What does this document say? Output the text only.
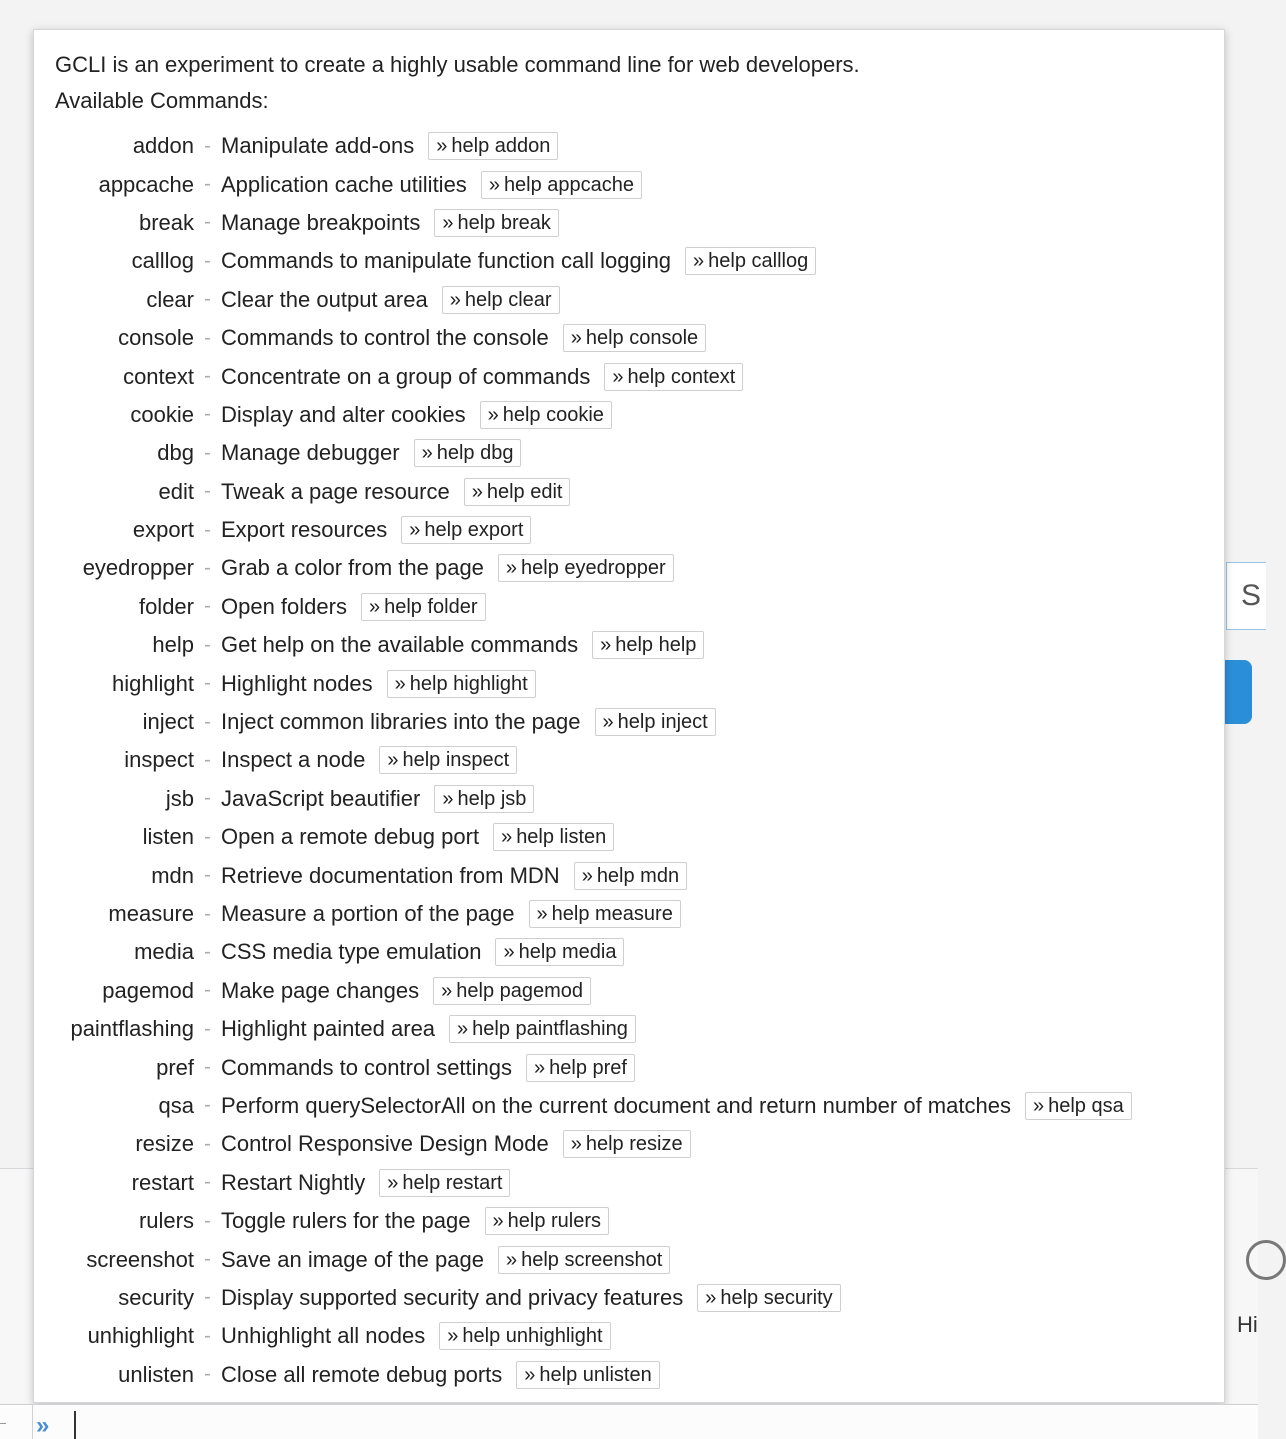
S
Hi
GCLI is an experiment to create a highly usable command line for web developers.
Available Commands:
addon - Manipulate add-ons	» help addon
appcache - Application cache utilities	» help appcache
break - Manage breakpoints	» help break
calllog - Commands to manipulate function call logging	» help calllog
clear - Clear the output area	» help clear
console - Commands to control the console	» help console
context - Concentrate on a group of commands	» help context
cookie - Display and alter cookies	» help cookie
dbg - Manage debugger	» help dbg
edit - Tweak a page resource	» help edit
export - Export resources	» help export
eyedropper - Grab a color from the page	» help eyedropper
folder - Open folders	» help folder
help - Get help on the available commands	» help help
highlight - Highlight nodes	» help highlight
inject - Inject common libraries into the page	» help inject
inspect - Inspect a node	» help inspect
jsb - JavaScript beautifier	» help jsb
listen - Open a remote debug port	» help listen
mdn - Retrieve documentation from MDN	» help mdn
measure - Measure a portion of the page	» help measure
media - CSS media type emulation	» help media
pagemod - Make page changes	» help pagemod
paintflashing - Highlight painted area	» help paintflashing
pref - Commands to control settings	» help pref
qsa - Perform querySelectorAll on the current document and return number of matches	» help qsa
resize - Control Responsive Design Mode	» help resize
restart - Restart Nightly	» help restart
rulers - Toggle rulers for the page	» help rulers
screenshot - Save an image of the page	» help screenshot
security - Display supported security and privacy features	» help security
unhighlight - Unhighlight all nodes	» help unhighlight
unlisten - Close all remote debug ports	» help unlisten
»
